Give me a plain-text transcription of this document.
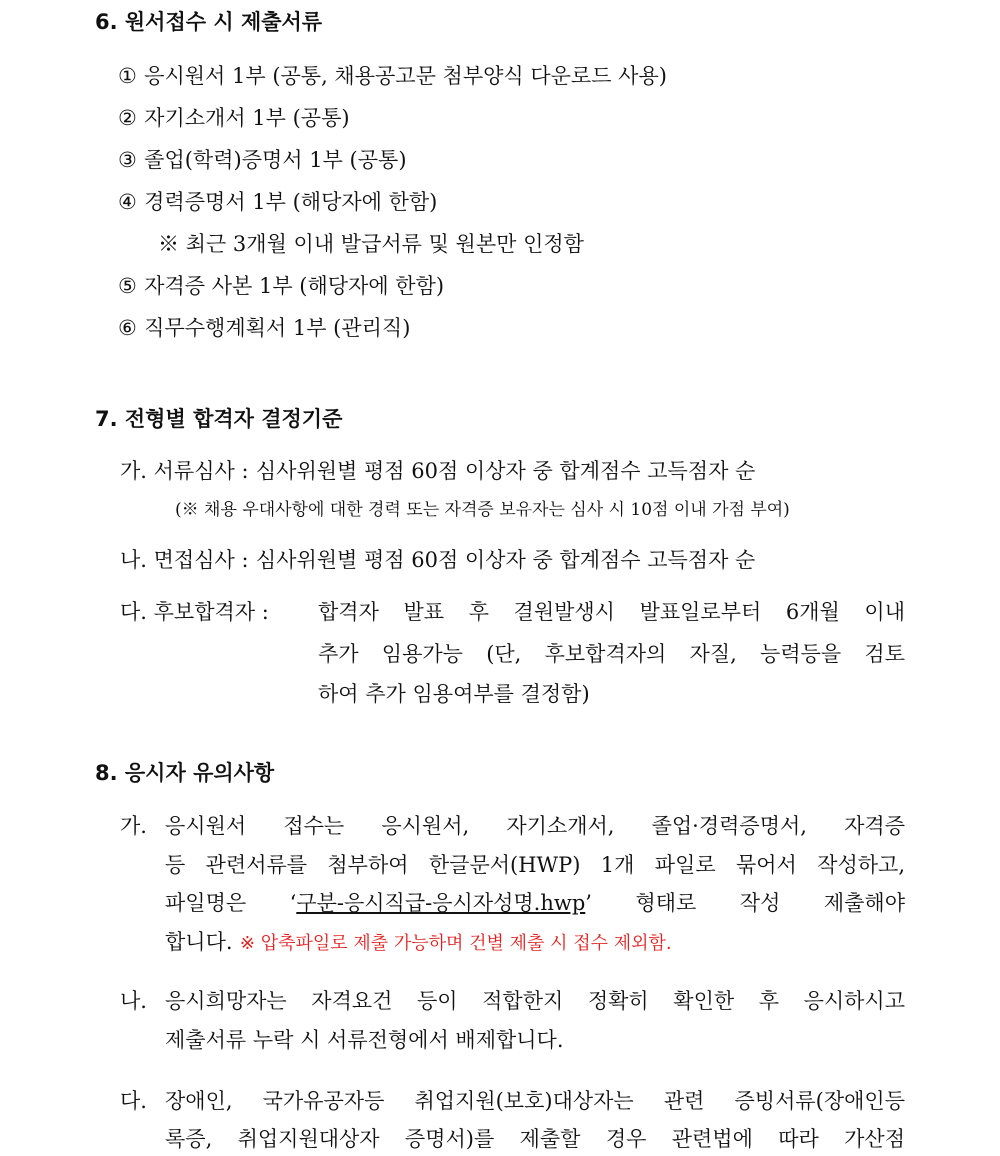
6. 원서접수 시 제출서류
① 응시원서 1부 (공통, 채용공고문 첨부양식 다운로드 사용)
② 자기소개서 1부 (공통)
③ 졸업(학력)증명서 1부 (공통)
④ 경력증명서 1부 (해당자에 한함)
※ 최근 3개월 이내 발급서류 및 원본만 인정함
⑤ 자격증 사본 1부 (해당자에 한함)
⑥ 직무수행계획서 1부 (관리직)
7. 전형별 합격자 결정기준
가. 서류심사 : 심사위원별 평점 60점 이상자 중 합계점수 고득점자 순
(※ 채용 우대사항에 대한 경력 또는 자격증 보유자는 심사 시 10점 이내 가점 부여)
나. 면접심사 : 심사위원별 평점 60점 이상자 중 합계점수 고득점자 순
다. 후보합격자 : 합격자 발표 후 결원발생시 발표일로부터 6개월 이내
추가 임용가능 (단, 후보합격자의 자질, 능력등을 검토
하여 추가 임용여부를 결정함)
8. 응시자 유의사항
가. 응시원서 접수는 응시원서, 자기소개서, 졸업·경력증명서, 자격증
등 관련서류를 첨부하여 한글문서(HWP) 1개 파일로 묶어서 작성하고,
파일명은 ‘구분-응시직급-응시자성명.hwp’ 형태로 작성 제출해야
합니다. ※ 압축파일로 제출 가능하며 건별 제출 시 접수 제외함.
나. 응시희망자는 자격요건 등이 적합한지 정확히 확인한 후 응시하시고
제출서류 누락 시 서류전형에서 배제합니다.
다. 장애인, 국가유공자등 취업지원(보호)대상자는 관련 증빙서류(장애인등
록증, 취업지원대상자 증명서)를 제출할 경우 관련법에 따라 가산점
